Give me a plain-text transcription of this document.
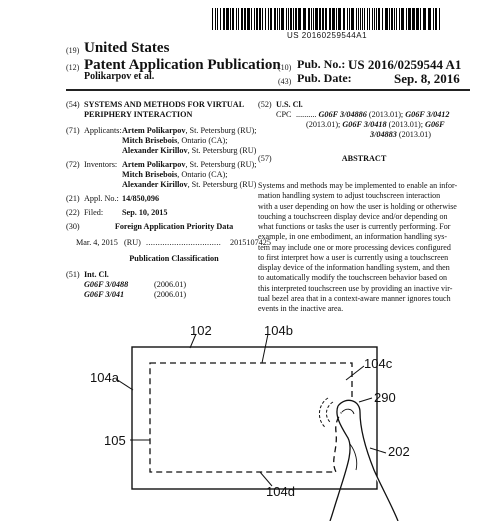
US 20160259544A1
(19) United States
(12) Patent Application Publication
Polikarpov et al.
(10) Pub. No.: US 2016/0259544 A1
(43) Pub. Date:	Sep. 8, 2016
(54) SYSTEMS AND METHODS FOR VIRTUAL
PERIPHERY INTERACTION
(71) Applicants: Artem Polikarpov, St. Petersburg (RU);
Mitch Brisebois, Ontario (CA);
Alexander Kirillov, St. Petersburg (RU)
(72) Inventors: Artem Polikarpov, St. Petersburg (RU);
Mitch Brisebois, Ontario (CA);
Alexander Kirillov, St. Petersburg (RU)
(21) Appl. No.: 14/850,096
(22) Filed: Sep. 10, 2015
(30)	Foreign Application Priority Data
Mar. 4, 2015 (RU) ................................ 2015107425
Publication Classification
(51) Int. Cl.
G06F 3/0488	(2006.01)
G06F 3/041	(2006.01)
(52) U.S. Cl.
CPC .......... G06F 3/04886 (2013.01); G06F 3/0412
(2013.01); G06F 3/0418 (2013.01); G06F
3/04883 (2013.01)
(57)	ABSTRACT
Systems and methods may be implemented to enable an infor-
mation handling system to adjust touchscreen interaction
with a user depending on how the user is holding or otherwise
touching a touchscreen display device and/or depending on
what functions or tasks the user is currently performing. For
example, in one embodiment, an information handling sys-
tem may include one or more processing devices configured
to first interpret how a user is currently using a touchscreen
display device of the information handling system, and then
to automatically modify the touchscreen behavior based on
this interpreted touchscreen use by providing an inactive vir-
tual bezel area that in a context-aware manner ignores touch
events in the inactive area.
102	104b
104a
104c
290
105
202
104d
